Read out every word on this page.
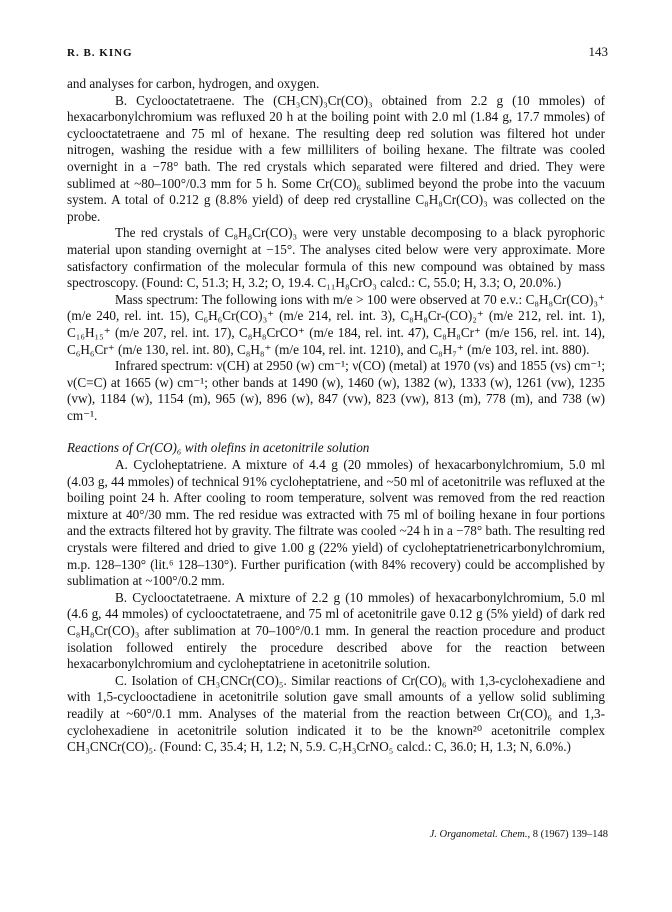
R. B. KING	143

and analyses for carbon, hydrogen, and oxygen.

B. Cyclooctatetraene. The (CH₃CN)₃Cr(CO)₃ obtained from 2.2 g (10 mmoles) of hexacarbonylchromium was refluxed 20 h at the boiling point with 2.0 ml (1.84 g, 17.7 mmoles) of cyclooctatetraene and 75 ml of hexane. The resulting deep red solution was filtered hot under nitrogen, washing the residue with a few milliliters of boiling hexane. The filtrate was cooled overnight in a −78° bath. The red crystals which separated were filtered and dried. They were sublimed at ~80–100°/0.3 mm for 5 h. Some Cr(CO)₆ sublimed beyond the probe into the vacuum system. A total of 0.212 g (8.8% yield) of deep red crystalline C₈H₈Cr(CO)₃ was collected on the probe.

The red crystals of C₈H₈Cr(CO)₃ were very unstable decomposing to a black pyrophoric material upon standing overnight at −15°. The analyses cited below were very approximate. More satisfactory confirmation of the molecular formula of this new compound was obtained by mass spectroscopy. (Found: C, 51.3; H, 3.2; O, 19.4. C₁₁H₈CrO₃ calcd.: C, 55.0; H, 3.3; O, 20.0%.)

Mass spectrum: The following ions with m/e > 100 were observed at 70 e.v.: C₈H₈Cr(CO)₃⁺ (m/e 240, rel. int. 15), C₆H₆Cr(CO)₃⁺ (m/e 214, rel. int. 3), C₈H₈Cr-(CO)₂⁺ (m/e 212, rel. int. 1), C₁₆H₁₅⁺ (m/e 207, rel. int. 17), C₈H₈CrCO⁺ (m/e 184, rel. int. 47), C₈H₈Cr⁺ (m/e 156, rel. int. 14), C₆H₆Cr⁺ (m/e 130, rel. int. 80), C₈H₈⁺ (m/e 104, rel. int. 1210), and C₈H₇⁺ (m/e 103, rel. int. 880).

Infrared spectrum: ν(CH) at 2950 (w) cm⁻¹; ν(CO) (metal) at 1970 (vs) and 1855 (vs) cm⁻¹; ν(C=C) at 1665 (w) cm⁻¹; other bands at 1490 (w), 1460 (w), 1382 (w), 1333 (w), 1261 (vw), 1235 (vw), 1184 (w), 1154 (m), 965 (w), 896 (w), 847 (vw), 823 (vw), 813 (m), 778 (m), and 738 (w) cm⁻¹.

Reactions of Cr(CO)₆ with olefins in acetonitrile solution

A. Cycloheptatriene. A mixture of 4.4 g (20 mmoles) of hexacarbonylchromium, 5.0 ml (4.03 g, 44 mmoles) of technical 91% cycloheptatriene, and ~50 ml of acetonitrile was refluxed at the boiling point 24 h. After cooling to room temperature, solvent was removed from the red reaction mixture at 40°/30 mm. The red residue was extracted with 75 ml of boiling hexane in four portions and the extracts filtered hot by gravity. The filtrate was cooled ~24 h in a −78° bath. The resulting red crystals were filtered and dried to give 1.00 g (22% yield) of cycloheptatrienetricarbonylchromium, m.p. 128–130° (lit.⁶ 128–130°). Further purification (with 84% recovery) could be accomplished by sublimation at ~100°/0.2 mm.

B. Cyclooctatetraene. A mixture of 2.2 g (10 mmoles) of hexacarbonylchromium, 5.0 ml (4.6 g, 44 mmoles) of cyclooctatetraene, and 75 ml of acetonitrile gave 0.12 g (5% yield) of dark red C₈H₈Cr(CO)₃ after sublimation at 70–100°/0.1 mm. In general the reaction procedure and product isolation followed entirely the procedure described above for the reaction between hexacarbonylchromium and cycloheptatriene in acetonitrile solution.

C. Isolation of CH₃CNCr(CO)₅. Similar reactions of Cr(CO)₆ with 1,3-cyclohexadiene and with 1,5-cyclooctadiene in acetonitrile solution gave small amounts of a yellow solid subliming readily at ~60°/0.1 mm. Analyses of the material from the reaction between Cr(CO)₆ and 1,3-cyclohexadiene in acetonitrile solution indicated it to be the known²⁰ acetonitrile complex CH₃CNCr(CO)₅. (Found: C, 35.4; H, 1.2; N, 5.9. C₇H₃CrNO₅ calcd.: C, 36.0; H, 1.3; N, 6.0%.)

J. Organometal. Chem., 8 (1967) 139–148
